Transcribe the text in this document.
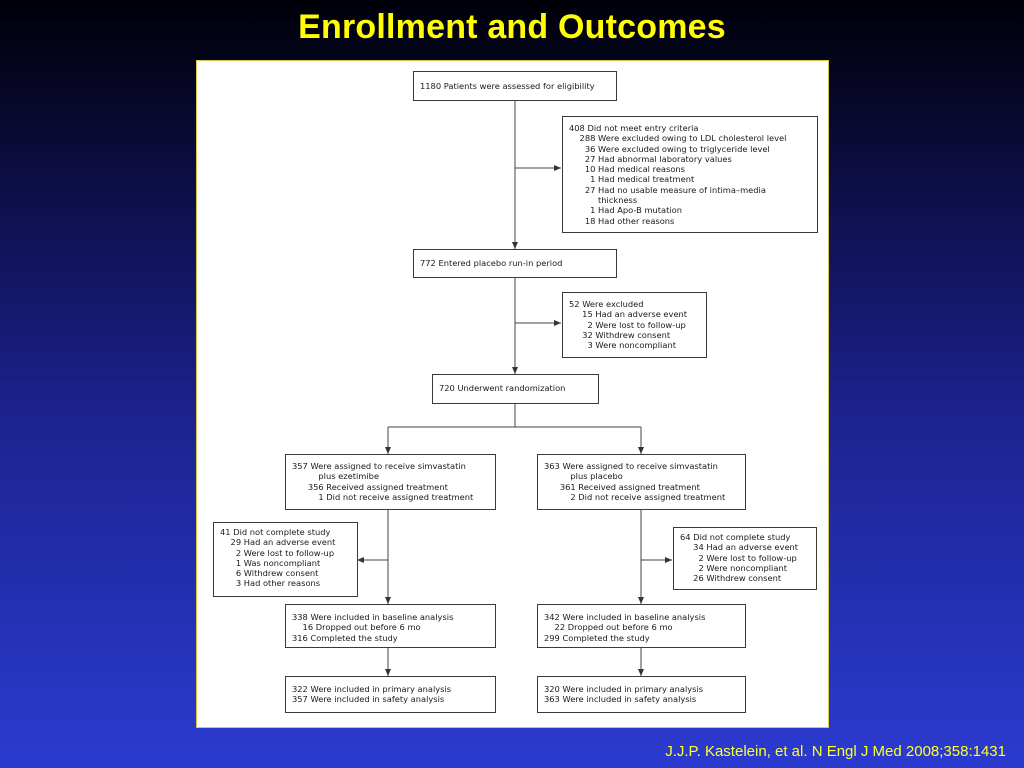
Enrollment and Outcomes
1180 Patients were assessed for eligibility
408 Did not meet entry criteria
288 Were excluded owing to LDL cholesterol level
36 Were excluded owing to triglyceride level
27 Had abnormal laboratory values
10 Had medical reasons
1 Had medical treatment
27 Had no usable measure of intima–media
thickness
1 Had Apo-B mutation
18 Had other reasons
772 Entered placebo run-in period
52 Were excluded
15 Had an adverse event
2 Were lost to follow-up
32 Withdrew consent
3 Were noncompliant
720 Underwent randomization
357 Were assigned to receive simvastatin
plus ezetimibe
356 Received assigned treatment
1 Did not receive assigned treatment
363 Were assigned to receive simvastatin
plus placebo
361 Received assigned treatment
2 Did not receive assigned treatment
41 Did not complete study
29 Had an adverse event
2 Were lost to follow-up
1 Was noncompliant
6 Withdrew consent
3 Had other reasons
64 Did not complete study
34 Had an adverse event
2 Were lost to follow-up
2 Were noncompliant
26 Withdrew consent
338 Were included in baseline analysis
16 Dropped out before 6 mo
316 Completed the study
342 Were included in baseline analysis
22 Dropped out before 6 mo
299 Completed the study
322 Were included in primary analysis
357 Were included in safety analysis
320 Were included in primary analysis
363 Were included in safety analysis
J.J.P. Kastelein, et al. N Engl J Med 2008;358:1431
